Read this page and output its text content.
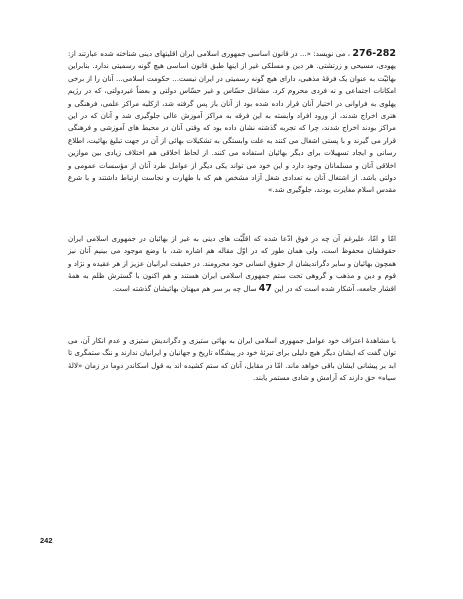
276-282 ، می نویسد: «... در قانون اساسی جمهوری اسلامی ایران اقلیتهای دینی شناخته شده عبارتند از: یهودی، مسیحی و زرتشتی. هر دین و مسلکی غیر از اینها طبق قانون اساسی هیچ گونه رسمیتی ندارد. بنابراین بهائیّت به عنوان یک فرقهٔ مذهبی، دارای هیچ گونه رسمیتی در ایران نیست... حکومت اسلامی... آنان را از برخی امکانات اجتماعی و نه فردی محروم کرد. مشاغل حسّاس و غیر حسّاس دولتی و بعضاً غیردولتی، که در رژیم پهلوی به فراوانی در اختیار آنان قرار داده شده بود از آنان باز پس گرفته شد، ازکلیه مراکز علمی، فرهنگی و هنری اخراج شدند، از ورود افراد وابسته به این فرقه به مراکز آموزش عالی جلوگیری شد و آنان که در این مراکز بودند اخراج شدند، چرا که تجربه گذشته نشان داده بود که وقتی آنان در محیط های آموزشی و فرهنگی قرار می گیرند و با پستی اشغال می کنند به علت وابستگی به تشکیلات بهائی از آن در جهت تبلیغ بهائیت، اطلاع رسانی و ایجاد تسهیلات برای دیگر بهائیان استفاده می کنند. از لحاظ اخلاقی هم اختلاف زیادی بین موازین اخلاقی آنان و مسلمانان وجود دارد و این خود می تواند یکی دیگر از عوامل طرد آنان از مؤسسات عمومی و دولتی باشد. از اشتغال آنان به تعدادی شغل آزاد مشخص هم که با طهارت و نجاست ارتباط داشتند و با شرع مقدس اسلام مغایرت بودند، جلوگیری شد.»

امّا و امّا، علیرغم آن چه در فوق ادّعا شده که اقلّیّت های دینی به غیر از بهائیان در جمهوری اسلامی ایران حقوقشان محفوظ است، ولی همان طور که در اوّل مقاله هم اشاره شد، با وضع موجود می بینیم آنان نیز همچون بهائیان و سایر دگراندیشان از حقوق انسانی خود محرومند. در حقیقت ایرانیان عزیز از هر عقیده و نژاد و قوم و دین و مذهب و گروهی تحت ستم جمهوری اسلامی ایران هستند و هم اکنون با گسترش ظلم به همهٔ اقشار جامعه، آشکار شده است که در این 47 سال چه بر سر هم میهنان بهائیشان گذشته است.

با مشاهدهٔ اعتراف خود عوامل جمهوری اسلامی ایران به بهائی ستیزی و دگراندیش ستیزی و عدم انکار آن، می توان گفت که ایشان دیگر هیچ دلیلی برای تبرئهٔ خود در پیشگاه تاریخ و جهانیان و ایرانیان ندارند و ننگ ستمگری تا ابد بر پیشانی ایشان باقی خواهد ماند. امّا در مقابل، آنان که ستم کشیده اند به قول اسکاندر دوما در زمان «لالهٔ سیاه» حق دارند که آرامش و شادی مستمر یابند.

242
